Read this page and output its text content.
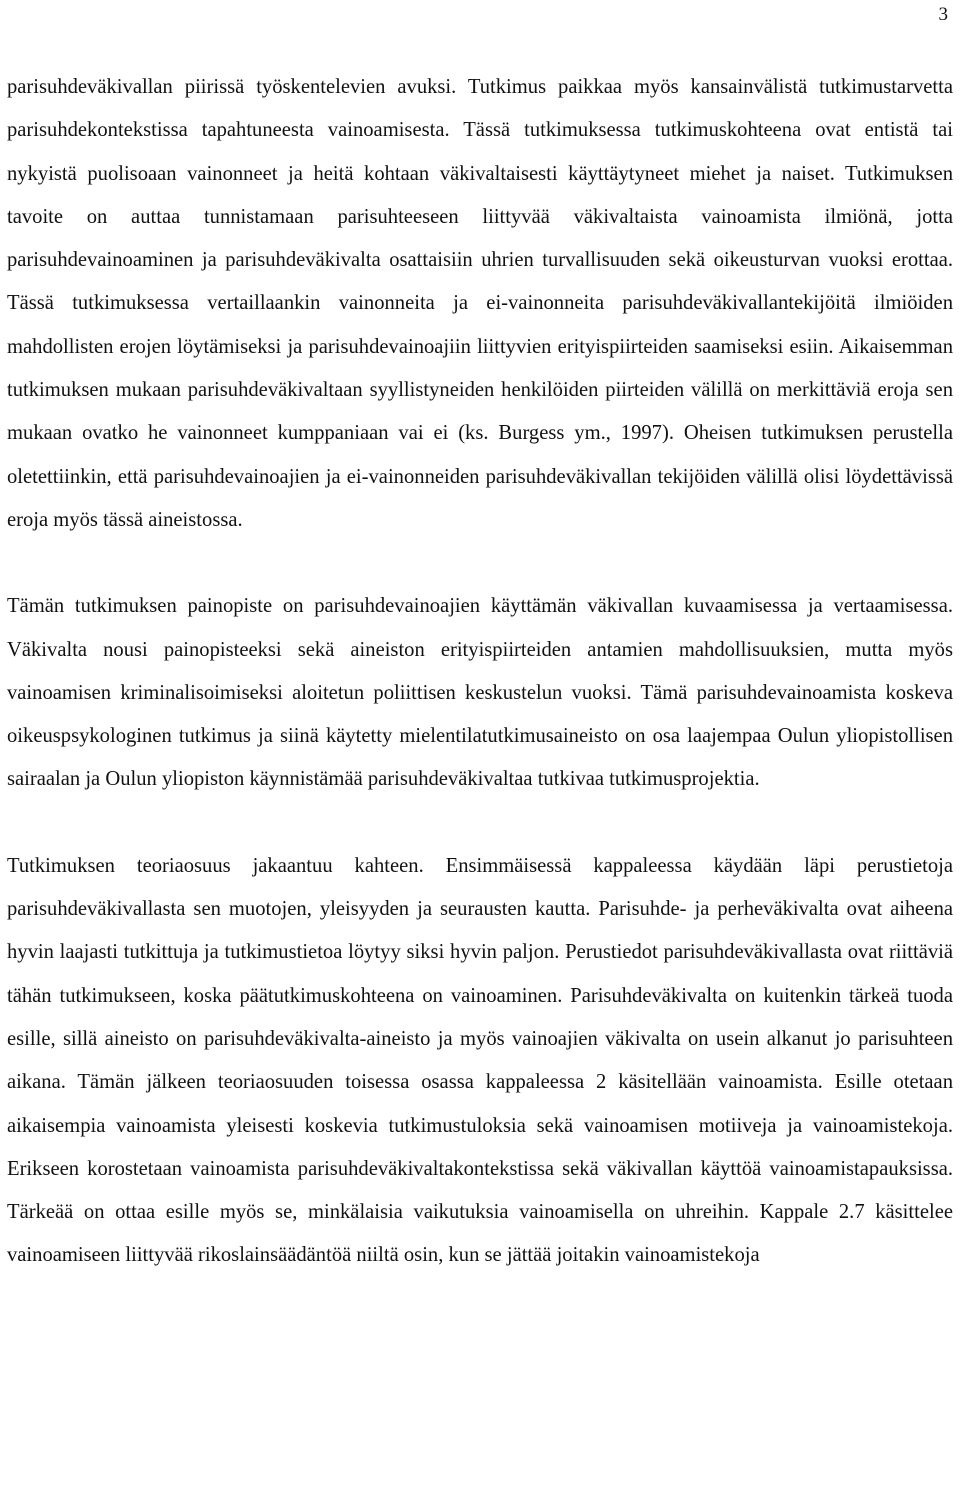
3

parisuhdeväkivallan piirissä työskentelevien avuksi. Tutkimus paikkaa myös kansainvälistä tutkimustarvetta parisuhdekontekstissa tapahtuneesta vainoamisesta. Tässä tutkimuksessa tutkimuskohteena ovat entistä tai nykyistä puolisoaan vainonneet ja heitä kohtaan väkivaltaisesti käyttäytyneet miehet ja naiset. Tutkimuksen tavoite on auttaa tunnistamaan parisuhteeseen liittyvää väkivaltaista vainoamista ilmiönä, jotta parisuhdevainoaminen ja parisuhdeväkivalta osattaisiin uhrien turvallisuuden sekä oikeusturvan vuoksi erottaa. Tässä tutkimuksessa vertaillaankin vainonneita ja ei-vainonneita parisuhdeväkivallantekijöitä ilmiöiden mahdollisten erojen löytämiseksi ja parisuhdevainoajiin liittyvien erityispiirteiden saamiseksi esiin. Aikaisemman tutkimuksen mukaan parisuhdeväkivaltaan syyllistyneiden henkilöiden piirteiden välillä on merkittäviä eroja sen mukaan ovatko he vainonneet kumppaniaan vai ei (ks. Burgess ym., 1997). Oheisen tutkimuksen perustella oletettiinkin, että parisuhdevainoajien ja ei-vainonneiden parisuhdeväkivallan tekijöiden välillä olisi löydettävissä eroja myös tässä aineistossa.

Tämän tutkimuksen painopiste on parisuhdevainoajien käyttämän väkivallan kuvaamisessa ja vertaamisessa. Väkivalta nousi painopisteeksi sekä aineiston erityispiirteiden antamien mahdollisuuksien, mutta myös vainoamisen kriminalisoimiseksi aloitetun poliittisen keskustelun vuoksi. Tämä parisuhdevainoamista koskeva oikeuspsykologinen tutkimus ja siinä käytetty mielentilatutkimusaineisto on osa laajempaa Oulun yliopistollisen sairaalan ja Oulun yliopiston käynnistämää parisuhdeväkivaltaa tutkivaa tutkimusprojektia.

Tutkimuksen teoriaosuus jakaantuu kahteen. Ensimmäisessä kappaleessa käydään läpi perustietoja parisuhdeväkivallasta sen muotojen, yleisyyden ja seurausten kautta. Parisuhde- ja perheväkivalta ovat aiheena hyvin laajasti tutkittuja ja tutkimustietoa löytyy siksi hyvin paljon. Perustiedot parisuhdeväkivallasta ovat riittäviä tähän tutkimukseen, koska päätutkimuskohteena on vainoaminen. Parisuhdeväkivalta on kuitenkin tärkeä tuoda esille, sillä aineisto on parisuhdeväkivalta-aineisto ja myös vainoajien väkivalta on usein alkanut jo parisuhteen aikana. Tämän jälkeen teoriaosuuden toisessa osassa kappaleessa 2 käsitellään vainoamista. Esille otetaan aikaisempia vainoamista yleisesti koskevia tutkimustuloksia sekä vainoamisen motiiveja ja vainoamistekoja. Erikseen korostetaan vainoamista parisuhdeväkivaltakontekstissa sekä väkivallan käyttöä vainoamistapauksissa. Tärkeää on ottaa esille myös se, minkälaisia vaikutuksia vainoamisella on uhreihin. Kappale 2.7 käsittelee vainoamiseen liittyvää rikoslainsäädäntöä niiltä osin, kun se jättää joitakin vainoamistekoja
